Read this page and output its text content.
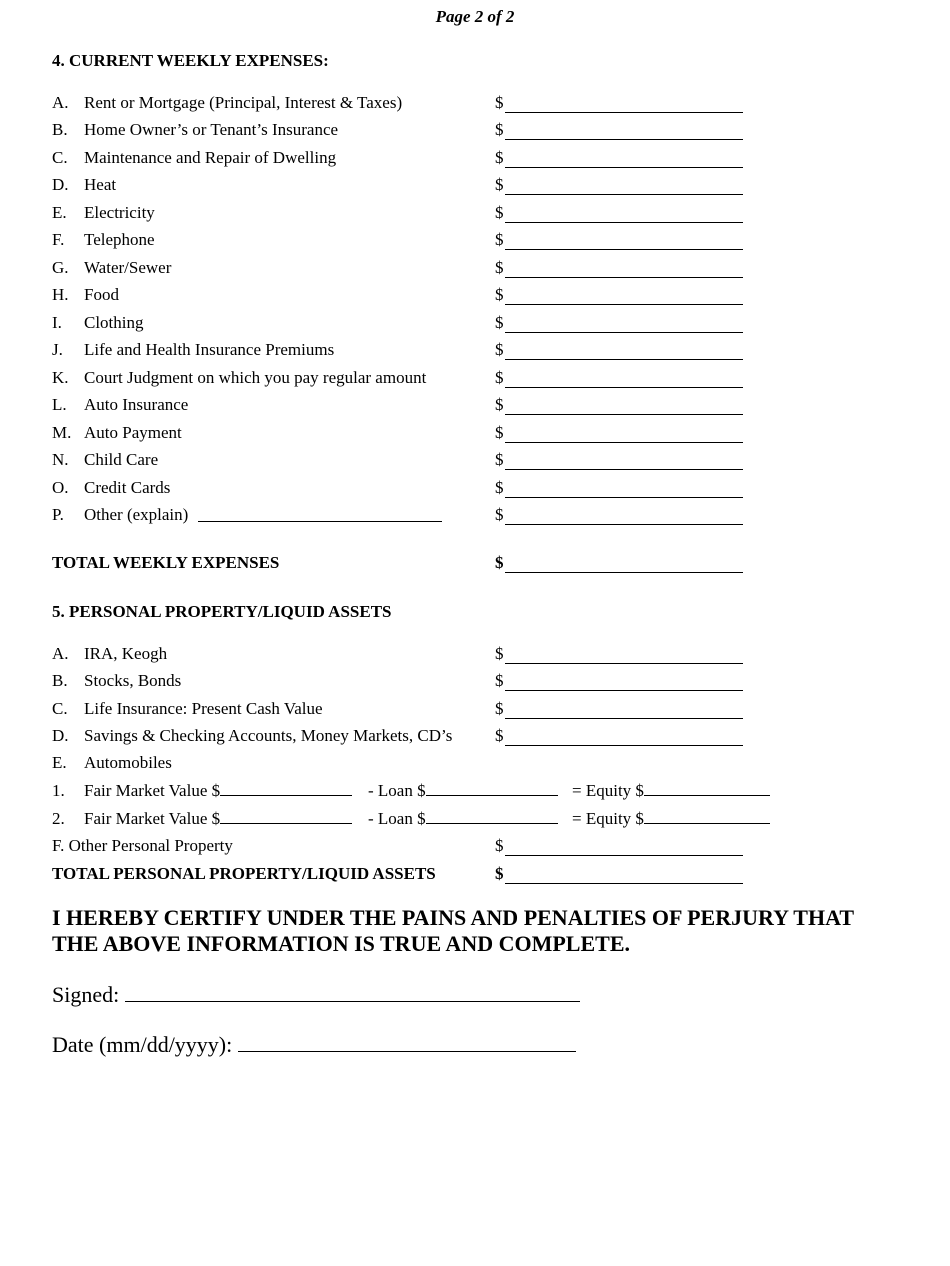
Page 2 of 2
4. CURRENT WEEKLY EXPENSES:
A. Rent or Mortgage (Principal, Interest & Taxes)	$
B. Home Owner’s or Tenant’s Insurance	$
C. Maintenance and Repair of Dwelling	$
D. Heat	$
E. Electricity	$
F. Telephone	$
G. Water/Sewer	$
H. Food	$
I. Clothing	$
J. Life and Health Insurance Premiums	$
K. Court Judgment on which you pay regular amount	$
L. Auto Insurance	$
M. Auto Payment	$
N. Child Care	$
O. Credit Cards	$
P. Other (explain)	$
TOTAL WEEKLY EXPENSES	$
5. PERSONAL PROPERTY/LIQUID ASSETS
A. IRA, Keogh	$
B. Stocks, Bonds	$
C. Life Insurance: Present Cash Value	$
D. Savings & Checking Accounts, Money Markets, CD’s	$
E. Automobiles
1. Fair Market Value $	- Loan $	= Equity $
2. Fair Market Value $	- Loan $	= Equity $
F. Other Personal Property	$
TOTAL PERSONAL PROPERTY/LIQUID ASSETS	$
I HEREBY CERTIFY UNDER THE PAINS AND PENALTIES OF PERJURY THAT THE ABOVE INFORMATION IS TRUE AND COMPLETE.
Signed:
Date (mm/dd/yyyy):
